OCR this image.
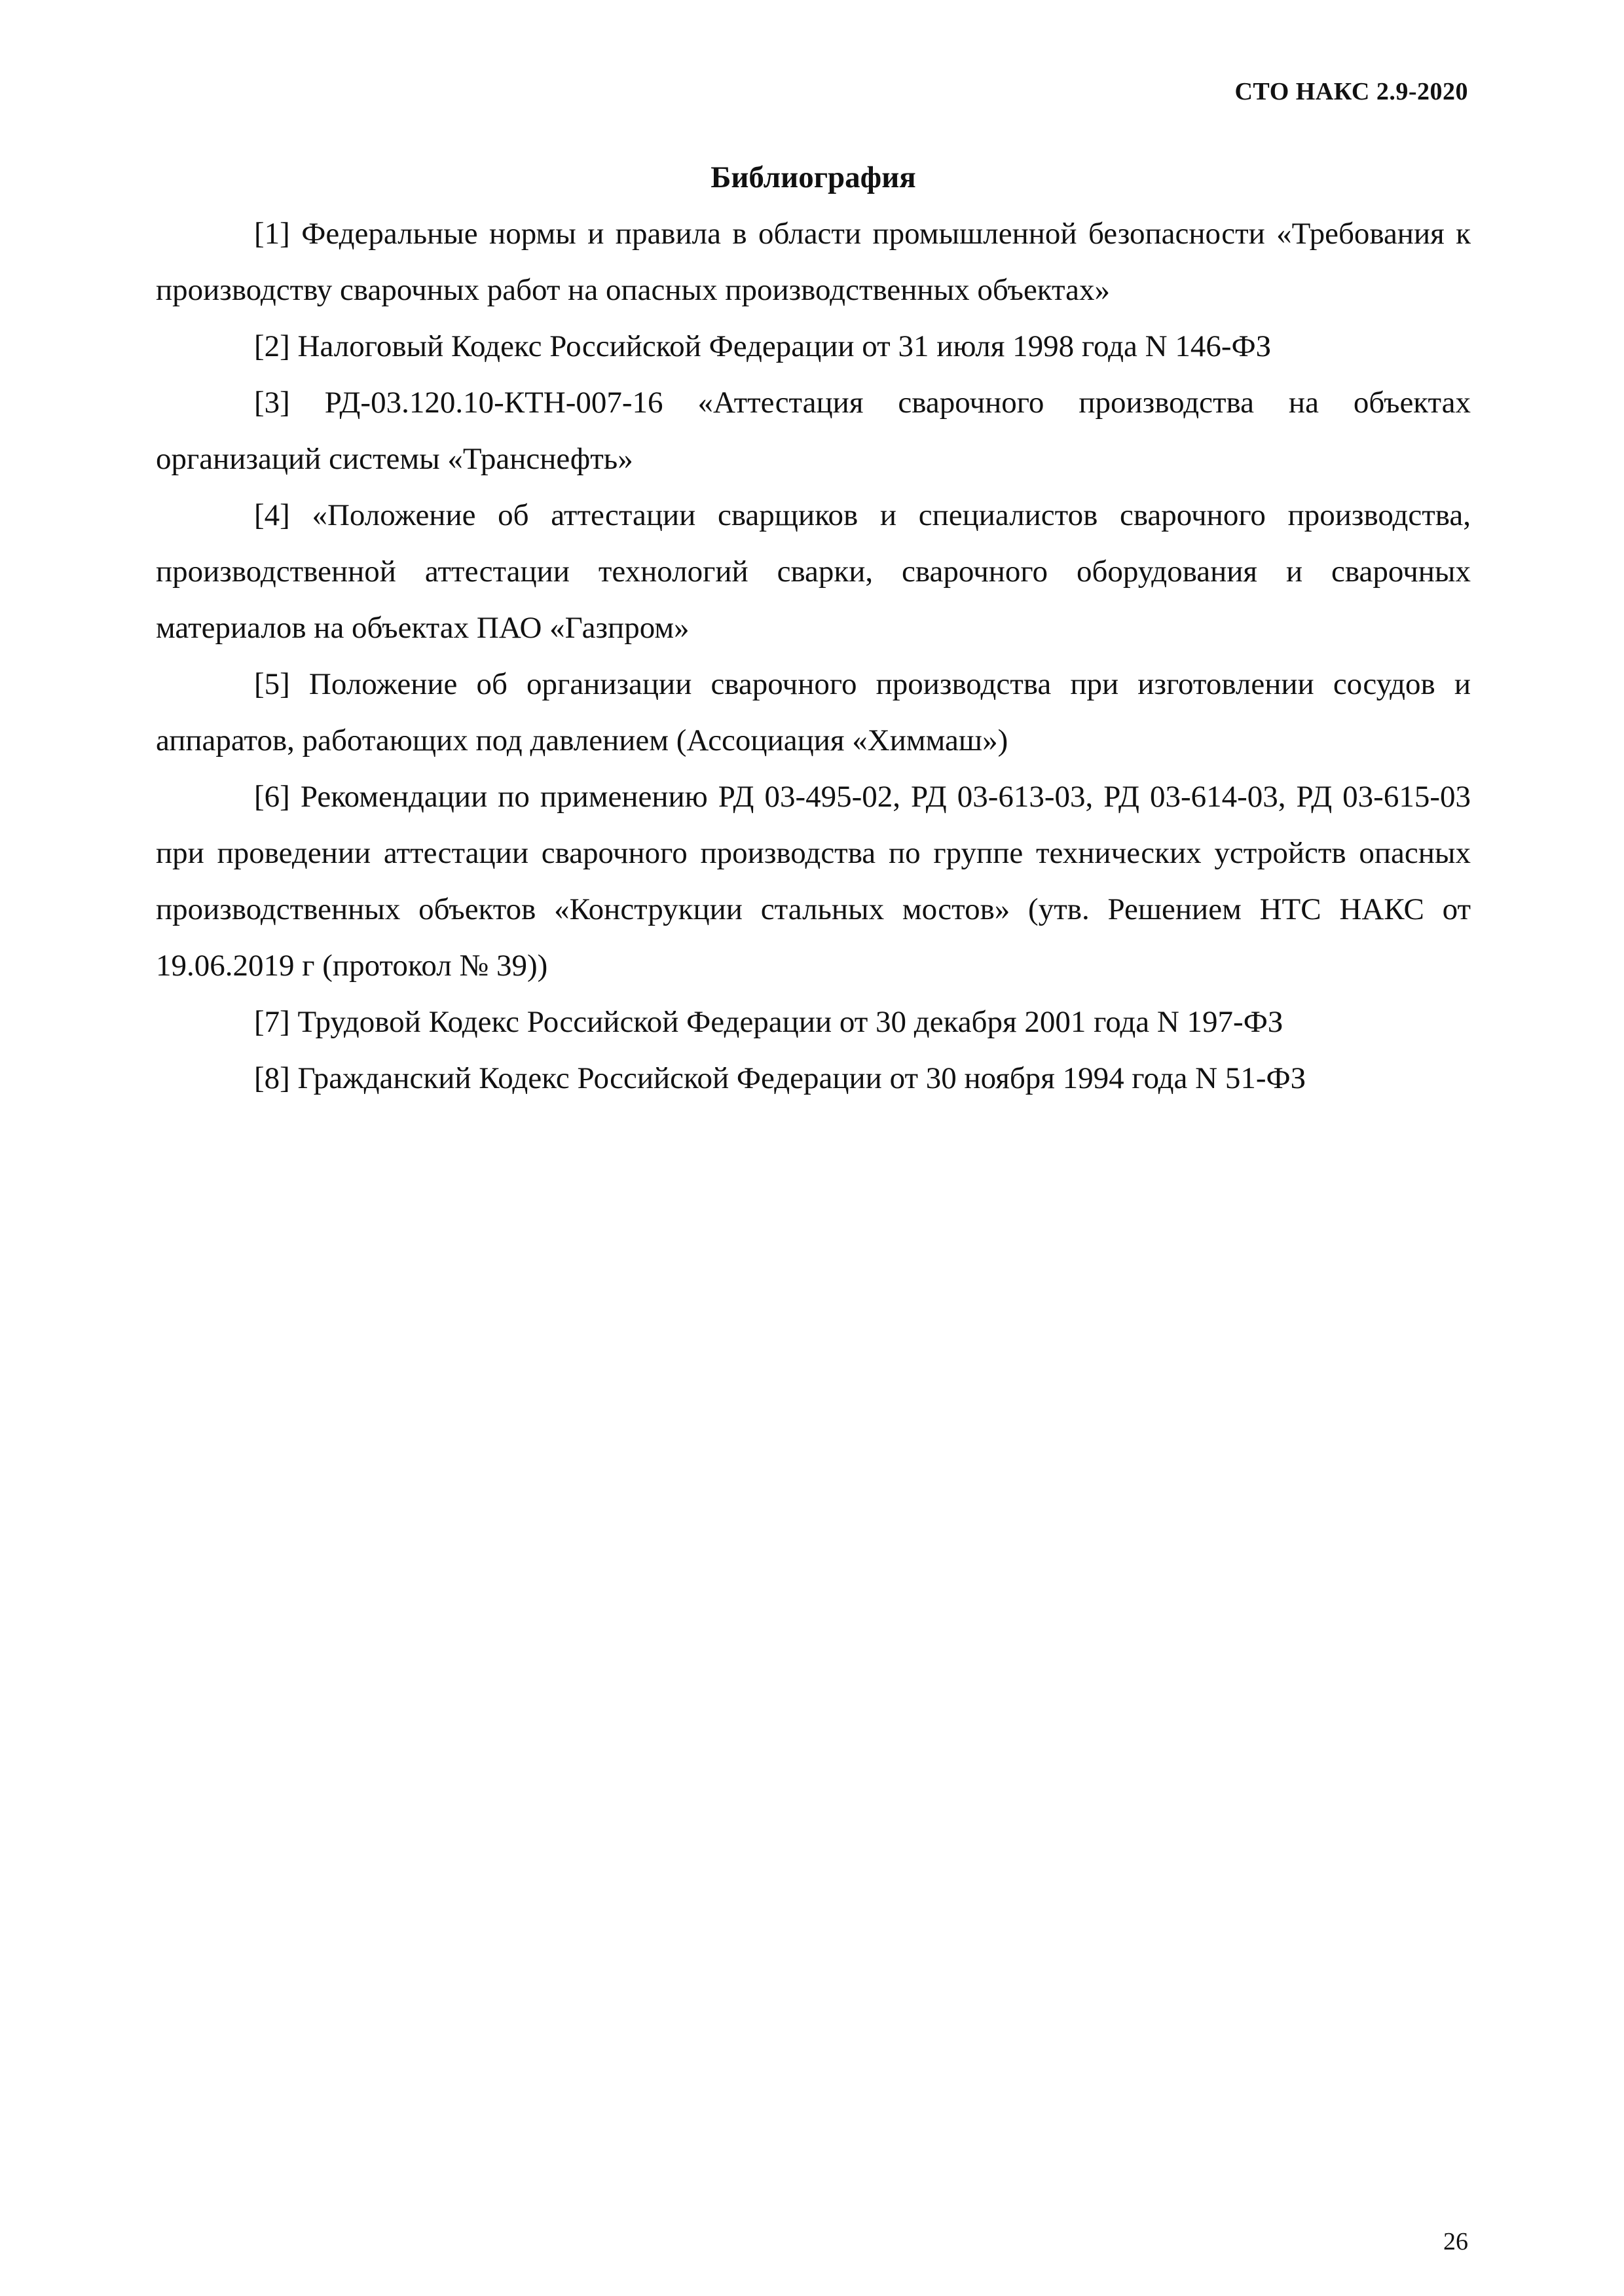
СТО НАКС 2.9-2020
Библиография

[1] Федеральные нормы и правила в области промышленной безопасности «Требования к производству сварочных работ на опасных производственных объектах»

[2] Налоговый Кодекс Российской Федерации от 31 июля 1998 года N 146-ФЗ

[3] РД-03.120.10-КТН-007-16 «Аттестация сварочного производства на объектах организаций системы «Транснефть»

[4] «Положение об аттестации сварщиков и специалистов сварочного производства, производственной аттестации технологий сварки, сварочного оборудования и сварочных материалов на объектах ПАО «Газпром»

[5] Положение об организации сварочного производства при изготовлении сосудов и аппаратов, работающих под давлением (Ассоциация «Химмаш»)

[6] Рекомендации по применению РД 03-495-02, РД 03-613-03, РД 03-614-03, РД 03-615-03 при проведении аттестации сварочного производства по группе технических устройств опасных производственных объектов «Конструкции стальных мостов» (утв. Решением НТС НАКС от 19.06.2019 г (протокол № 39))

[7] Трудовой Кодекс Российской Федерации от 30 декабря 2001 года N 197-ФЗ

[8] Гражданский Кодекс Российской Федерации от 30 ноября 1994 года N 51-ФЗ

26
